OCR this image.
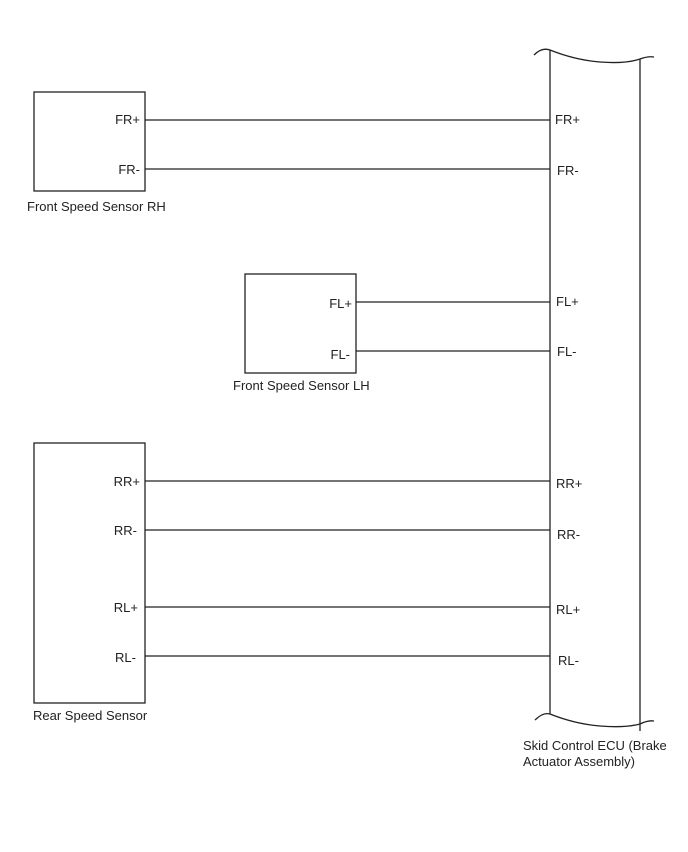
FR+
FR-
Front Speed Sensor RH
FL+
FL-
Front Speed Sensor LH
RR+
RR-
RL+
RL-
Rear Speed Sensor
FR+
FR-
FL+
FL-
RR+
RR-
RL+
RL-
Skid Control ECU (Brake
Actuator Assembly)
